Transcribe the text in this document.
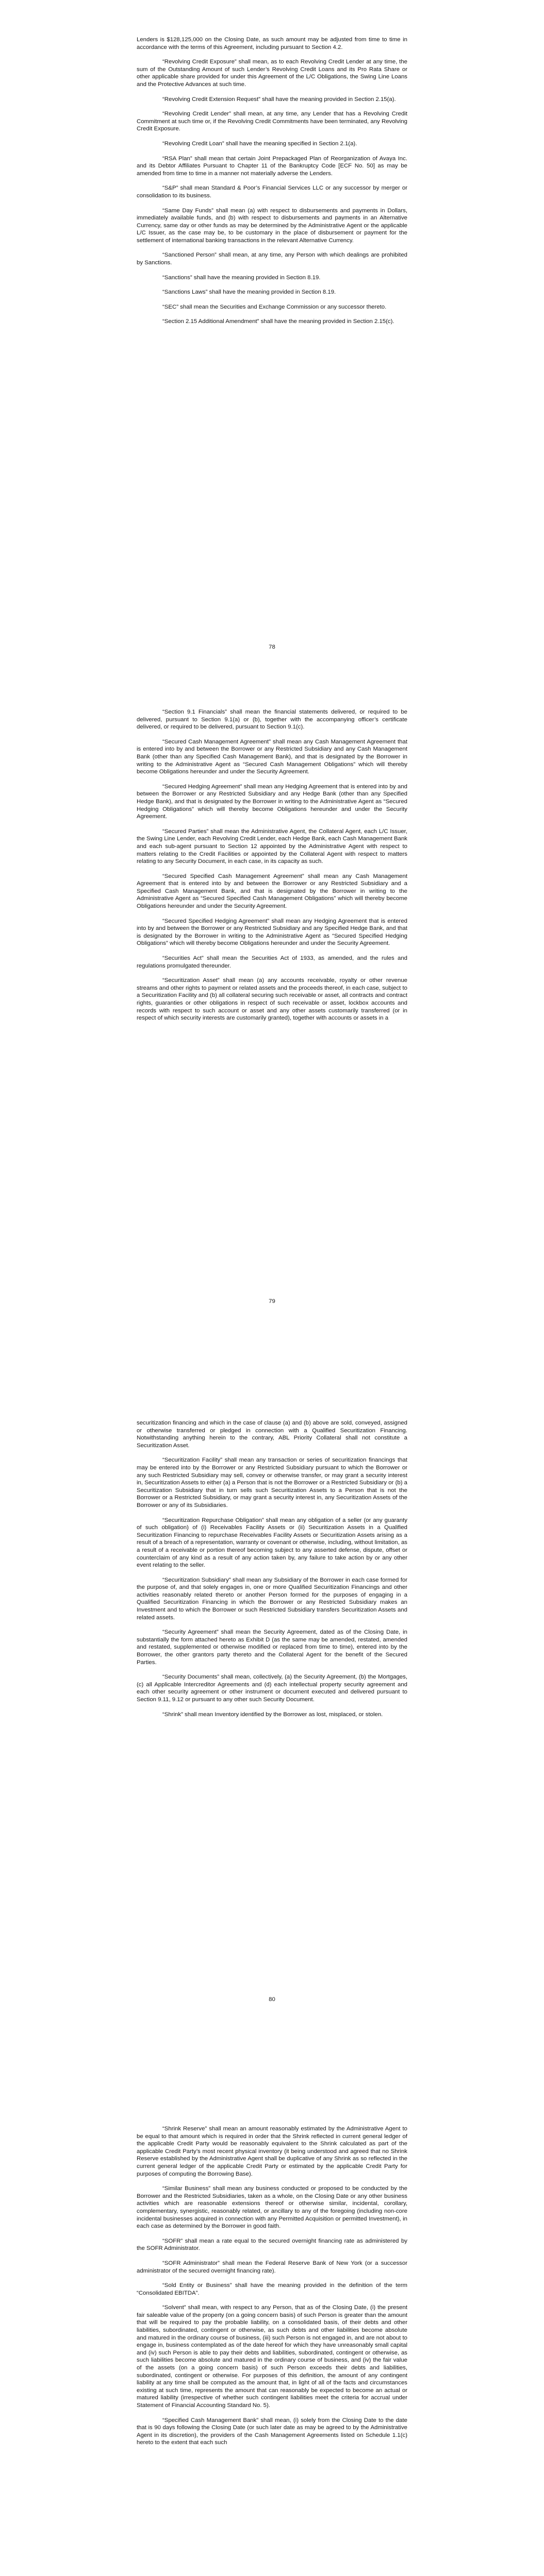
Lenders is $128,125,000 on the Closing Date, as such amount may be adjusted from time to time in accordance with the terms of this Agreement, including pursuant to Section 4.2.

“Revolving Credit Exposure” shall mean, as to each Revolving Credit Lender at any time, the sum of the Outstanding Amount of such Lender’s Revolving Credit Loans and its Pro Rata Share or other applicable share provided for under this Agreement of the L/C Obligations, the Swing Line Loans and the Protective Advances at such time.

“Revolving Credit Extension Request” shall have the meaning provided in Section 2.15(a).

“Revolving Credit Lender” shall mean, at any time, any Lender that has a Revolving Credit Commitment at such time or, if the Revolving Credit Commitments have been terminated, any Revolving Credit Exposure.

“Revolving Credit Loan” shall have the meaning specified in Section 2.1(a).

“RSA Plan” shall mean that certain Joint Prepackaged Plan of Reorganization of Avaya Inc. and its Debtor Affiliates Pursuant to Chapter 11 of the Bankruptcy Code [ECF No. 50] as may be amended from time to time in a manner not materially adverse the Lenders.

“S&P” shall mean Standard & Poor’s Financial Services LLC or any successor by merger or consolidation to its business.

“Same Day Funds” shall mean (a) with respect to disbursements and payments in Dollars, immediately available funds, and (b) with respect to disbursements and payments in an Alternative Currency, same day or other funds as may be determined by the Administrative Agent or the applicable L/C Issuer, as the case may be, to be customary in the place of disbursement or payment for the settlement of international banking transactions in the relevant Alternative Currency.

“Sanctioned Person” shall mean, at any time, any Person with which dealings are prohibited by Sanctions.

“Sanctions” shall have the meaning provided in Section 8.19.

“Sanctions Laws” shall have the meaning provided in Section 8.19.

“SEC” shall mean the Securities and Exchange Commission or any successor thereto.

“Section 2.15 Additional Amendment” shall have the meaning provided in Section 2.15(c).

78

“Section 9.1 Financials” shall mean the financial statements delivered, or required to be delivered, pursuant to Section 9.1(a) or (b), together with the accompanying officer’s certificate delivered, or required to be delivered, pursuant to Section 9.1(c).

“Secured Cash Management Agreement” shall mean any Cash Management Agreement that is entered into by and between the Borrower or any Restricted Subsidiary and any Cash Management Bank (other than any Specified Cash Management Bank), and that is designated by the Borrower in writing to the Administrative Agent as “Secured Cash Management Obligations” which will thereby become Obligations hereunder and under the Security Agreement.

“Secured Hedging Agreement” shall mean any Hedging Agreement that is entered into by and between the Borrower or any Restricted Subsidiary and any Hedge Bank (other than any Specified Hedge Bank), and that is designated by the Borrower in writing to the Administrative Agent as “Secured Hedging Obligations” which will thereby become Obligations hereunder and under the Security Agreement.

“Secured Parties” shall mean the Administrative Agent, the Collateral Agent, each L/C Issuer, the Swing Line Lender, each Revolving Credit Lender, each Hedge Bank, each Cash Management Bank and each sub-agent pursuant to Section 12 appointed by the Administrative Agent with respect to matters relating to the Credit Facilities or appointed by the Collateral Agent with respect to matters relating to any Security Document, in each case, in its capacity as such.

“Secured Specified Cash Management Agreement” shall mean any Cash Management Agreement that is entered into by and between the Borrower or any Restricted Subsidiary and a Specified Cash Management Bank, and that is designated by the Borrower in writing to the Administrative Agent as “Secured Specified Cash Management Obligations” which will thereby become Obligations hereunder and under the Security Agreement.

“Secured Specified Hedging Agreement” shall mean any Hedging Agreement that is entered into by and between the Borrower or any Restricted Subsidiary and any Specified Hedge Bank, and that is designated by the Borrower in writing to the Administrative Agent as “Secured Specified Hedging Obligations” which will thereby become Obligations hereunder and under the Security Agreement.

“Securities Act” shall mean the Securities Act of 1933, as amended, and the rules and regulations promulgated thereunder.

“Securitization Asset” shall mean (a) any accounts receivable, royalty or other revenue streams and other rights to payment or related assets and the proceeds thereof, in each case, subject to a Securitization Facility and (b) all collateral securing such receivable or asset, all contracts and contract rights, guaranties or other obligations in respect of such receivable or asset, lockbox accounts and records with respect to such account or asset and any other assets customarily transferred (or in respect of which security interests are customarily granted), together with accounts or assets in a

79

securitization financing and which in the case of clause (a) and (b) above are sold, conveyed, assigned or otherwise transferred or pledged in connection with a Qualified Securitization Financing. Notwithstanding anything herein to the contrary, ABL Priority Collateral shall not constitute a Securitization Asset.

“Securitization Facility” shall mean any transaction or series of securitization financings that may be entered into by the Borrower or any Restricted Subsidiary pursuant to which the Borrower or any such Restricted Subsidiary may sell, convey or otherwise transfer, or may grant a security interest in, Securitization Assets to either (a) a Person that is not the Borrower or a Restricted Subsidiary or (b) a Securitization Subsidiary that in turn sells such Securitization Assets to a Person that is not the Borrower or a Restricted Subsidiary, or may grant a security interest in, any Securitization Assets of the Borrower or any of its Subsidiaries.

“Securitization Repurchase Obligation” shall mean any obligation of a seller (or any guaranty of such obligation) of (i) Receivables Facility Assets or (ii) Securitization Assets in a Qualified Securitization Financing to repurchase Receivables Facility Assets or Securitization Assets arising as a result of a breach of a representation, warranty or covenant or otherwise, including, without limitation, as a result of a receivable or portion thereof becoming subject to any asserted defense, dispute, offset or counterclaim of any kind as a result of any action taken by, any failure to take action by or any other event relating to the seller.

“Securitization Subsidiary” shall mean any Subsidiary of the Borrower in each case formed for the purpose of, and that solely engages in, one or more Qualified Securitization Financings and other activities reasonably related thereto or another Person formed for the purposes of engaging in a Qualified Securitization Financing in which the Borrower or any Restricted Subsidiary makes an Investment and to which the Borrower or such Restricted Subsidiary transfers Securitization Assets and related assets.

“Security Agreement” shall mean the Security Agreement, dated as of the Closing Date, in substantially the form attached hereto as Exhibit D (as the same may be amended, restated, amended and restated, supplemented or otherwise modified or replaced from time to time), entered into by the Borrower, the other grantors party thereto and the Collateral Agent for the benefit of the Secured Parties.

“Security Documents” shall mean, collectively, (a) the Security Agreement, (b) the Mortgages, (c) all Applicable Intercreditor Agreements and (d) each intellectual property security agreement and each other security agreement or other instrument or document executed and delivered pursuant to Section 9.11, 9.12 or pursuant to any other such Security Document.

“Shrink” shall mean Inventory identified by the Borrower as lost, misplaced, or stolen.

80

“Shrink Reserve” shall mean an amount reasonably estimated by the Administrative Agent to be equal to that amount which is required in order that the Shrink reflected in current general ledger of the applicable Credit Party would be reasonably equivalent to the Shrink calculated as part of the applicable Credit Party’s most recent physical inventory (it being understood and agreed that no Shrink Reserve established by the Administrative Agent shall be duplicative of any Shrink as so reflected in the current general ledger of the applicable Credit Party or estimated by the applicable Credit Party for purposes of computing the Borrowing Base).

“Similar Business” shall mean any business conducted or proposed to be conducted by the Borrower and the Restricted Subsidiaries, taken as a whole, on the Closing Date or any other business activities which are reasonable extensions thereof or otherwise similar, incidental, corollary, complementary, synergistic, reasonably related, or ancillary to any of the foregoing (including non-core incidental businesses acquired in connection with any Permitted Acquisition or permitted Investment), in each case as determined by the Borrower in good faith.

“SOFR” shall mean a rate equal to the secured overnight financing rate as administered by the SOFR Administrator.

“SOFR Administrator” shall mean the Federal Reserve Bank of New York (or a successor administrator of the secured overnight financing rate).

“Sold Entity or Business” shall have the meaning provided in the definition of the term “Consolidated EBITDA”.

“Solvent” shall mean, with respect to any Person, that as of the Closing Date, (i) the present fair saleable value of the property (on a going concern basis) of such Person is greater than the amount that will be required to pay the probable liability, on a consolidated basis, of their debts and other liabilities, subordinated, contingent or otherwise, as such debts and other liabilities become absolute and matured in the ordinary course of business, (iii) such Person is not engaged in, and are not about to engage in, business contemplated as of the date hereof for which they have unreasonably small capital and (iv) such Person is able to pay their debts and liabilities, subordinated, contingent or otherwise, as such liabilities become absolute and matured in the ordinary course of business, and (iv) the fair value of the assets (on a going concern basis) of such Person exceeds their debts and liabilities, subordinated, contingent or otherwise. For purposes of this definition, the amount of any contingent liability at any time shall be computed as the amount that, in light of all of the facts and circumstances existing at such time, represents the amount that can reasonably be expected to become an actual or matured liability (irrespective of whether such contingent liabilities meet the criteria for accrual under Statement of Financial Accounting Standard No. 5).

“Specified Cash Management Bank” shall mean, (i) solely from the Closing Date to the date that is 90 days following the Closing Date (or such later date as may be agreed to by the Administrative Agent in its discretion), the providers of the Cash Management Agreements listed on Schedule 1.1(c) hereto to the extent that each such
